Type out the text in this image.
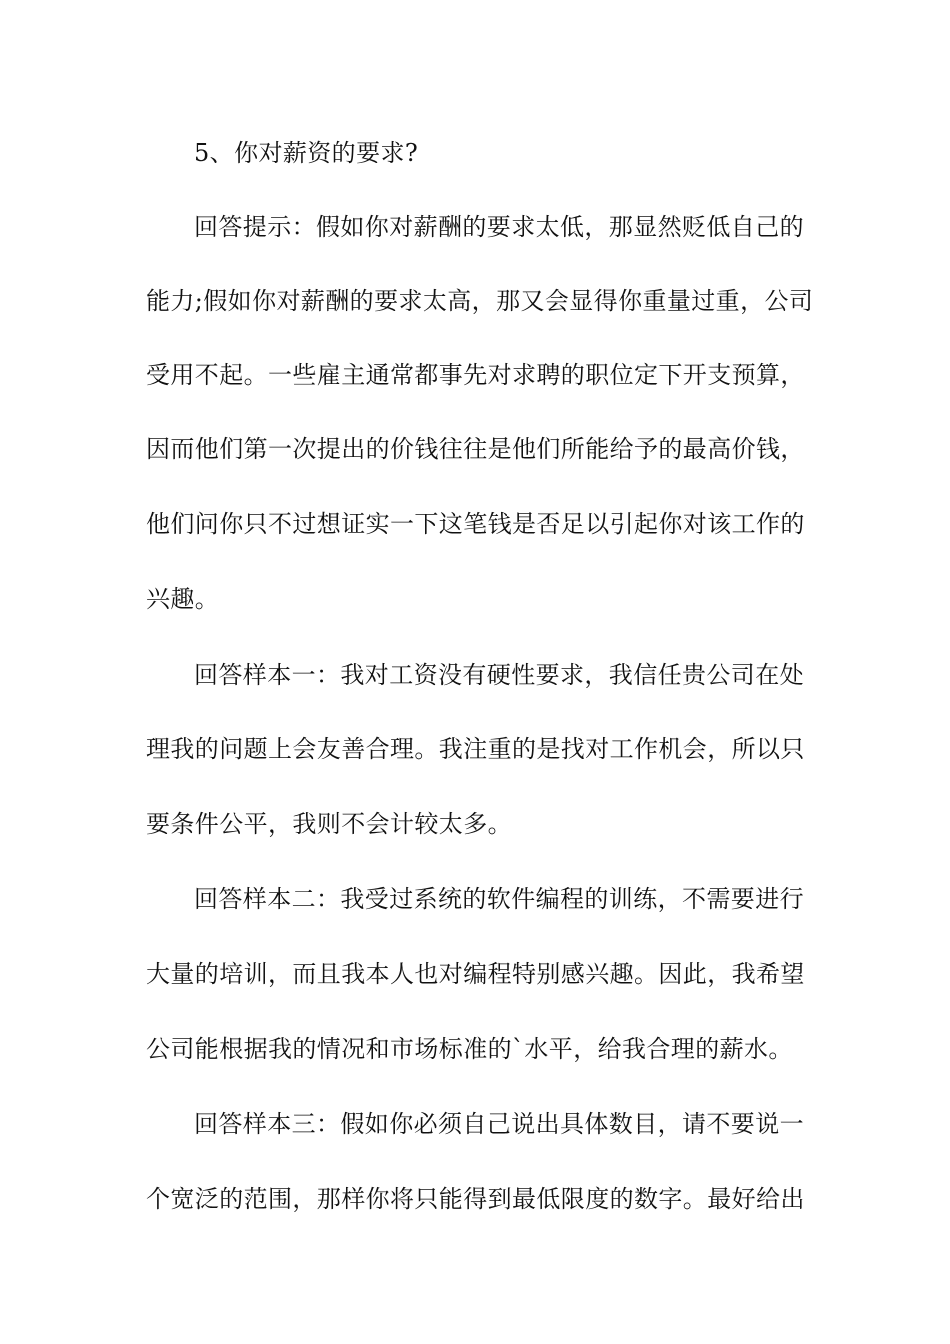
5、你对薪资的要求?
回答提示：假如你对薪酬的要求太低，那显然贬低自己的
能力;假如你对薪酬的要求太高，那又会显得你重量过重，公司
受用不起。一些雇主通常都事先对求聘的职位定下开支预算，
因而他们第一次提出的价钱往往是他们所能给予的最高价钱，
他们问你只不过想证实一下这笔钱是否足以引起你对该工作的
兴趣。
回答样本一：我对工资没有硬性要求，我信任贵公司在处
理我的问题上会友善合理。我注重的是找对工作机会，所以只
要条件公平，我则不会计较太多。
回答样本二：我受过系统的软件编程的训练，不需要进行
大量的培训，而且我本人也对编程特别感兴趣。因此，我希望
公司能根据我的情况和市场标准的`水平，给我合理的薪水。
回答样本三：假如你必须自己说出具体数目，请不要说一
个宽泛的范围，那样你将只能得到最低限度的数字。最好给出
